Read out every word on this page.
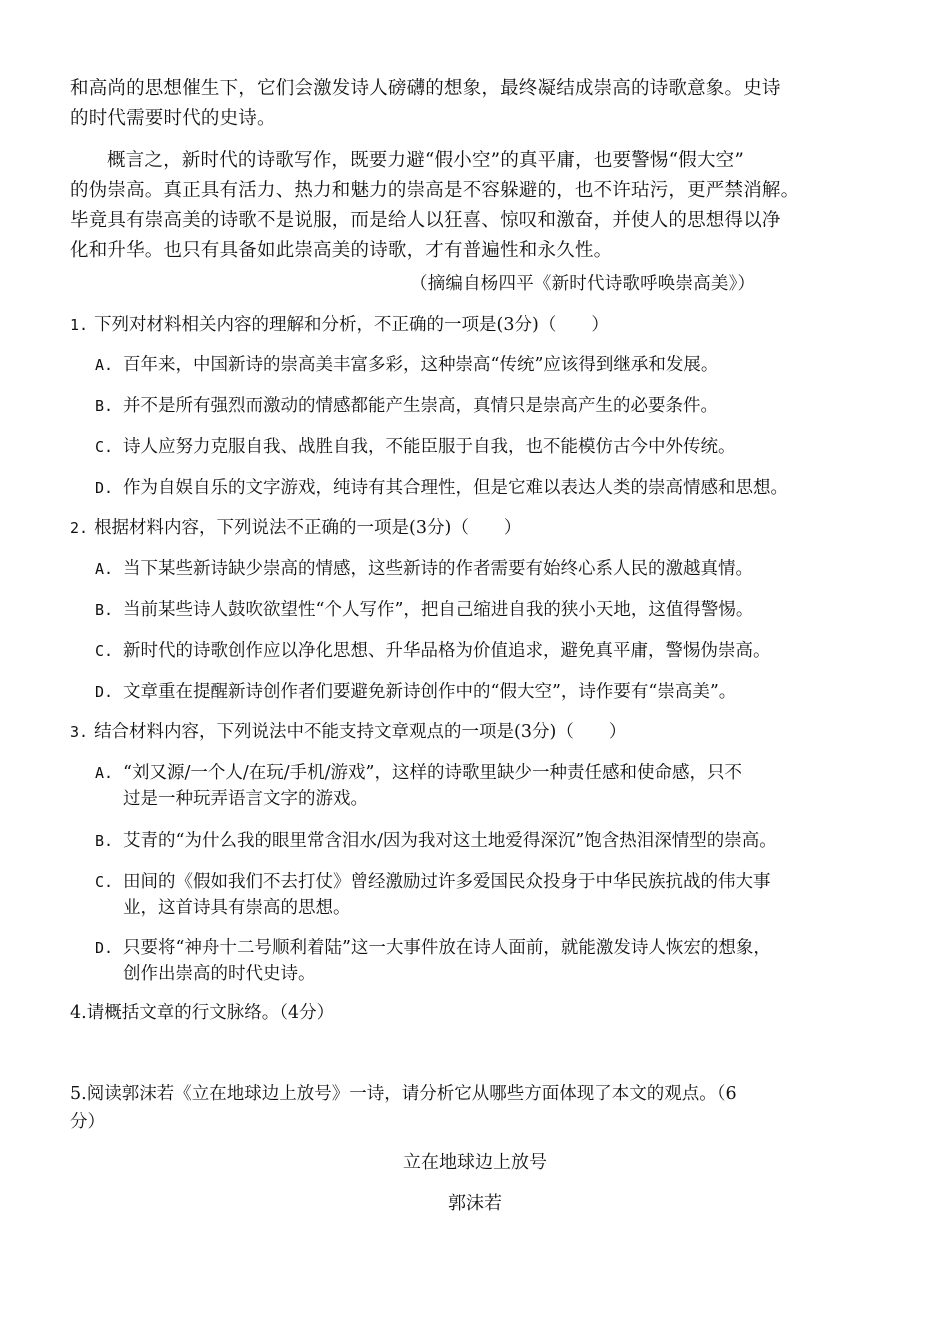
和高尚的思想催生下，它们会激发诗人磅礴的想象，最终凝结成崇高的诗歌意象。史诗
的时代需要时代的史诗。
概言之，新时代的诗歌写作，既要力避“假小空”的真平庸，也要警惕“假大空”
的伪崇高。真正具有活力、热力和魅力的崇高是不容躲避的，也不许玷污，更严禁消解。
毕竟具有崇高美的诗歌不是说服，而是给人以狂喜、惊叹和激奋，并使人的思想得以净
化和升华。也只有具备如此崇高美的诗歌，才有普遍性和永久性。
（摘编自杨四平《新时代诗歌呼唤崇高美》）
1. 下列对材料相关内容的理解和分析，不正确的一项是(3分)（　　）
A. 百年来，中国新诗的崇高美丰富多彩，这种崇高“传统”应该得到继承和发展。
B. 并不是所有强烈而激动的情感都能产生崇高，真情只是崇高产生的必要条件。
C. 诗人应努力克服自我、战胜自我，不能臣服于自我，也不能模仿古今中外传统。
D. 作为自娱自乐的文字游戏，纯诗有其合理性，但是它难以表达人类的崇高情感和思想。
2. 根据材料内容，下列说法不正确的一项是(3分)（　　）
A. 当下某些新诗缺少崇高的情感，这些新诗的作者需要有始终心系人民的激越真情。
B. 当前某些诗人鼓吹欲望性“个人写作”，把自己缩进自我的狭小天地，这值得警惕。
C. 新时代的诗歌创作应以净化思想、升华品格为价值追求，避免真平庸，警惕伪崇高。
D. 文章重在提醒新诗创作者们要避免新诗创作中的“假大空”，诗作要有“崇高美”。
3. 结合材料内容，下列说法中不能支持文章观点的一项是(3分)（　　）
A. “刘又源/一个人/在玩/手机/游戏”，这样的诗歌里缺少一种责任感和使命感，只不
过是一种玩弄语言文字的游戏。
B. 艾青的“为什么我的眼里常含泪水/因为我对这土地爱得深沉”饱含热泪深情型的崇高。
C. 田间的《假如我们不去打仗》曾经激励过许多爱国民众投身于中华民族抗战的伟大事
业，这首诗具有崇高的思想。
D. 只要将“神舟十二号顺利着陆”这一大事件放在诗人面前，就能激发诗人恢宏的想象，
创作出崇高的时代史诗。
4.请概括文章的行文脉络。（4分）
5.阅读郭沫若《立在地球边上放号》一诗，请分析它从哪些方面体现了本文的观点。（6
分）
立在地球边上放号
郭沫若
